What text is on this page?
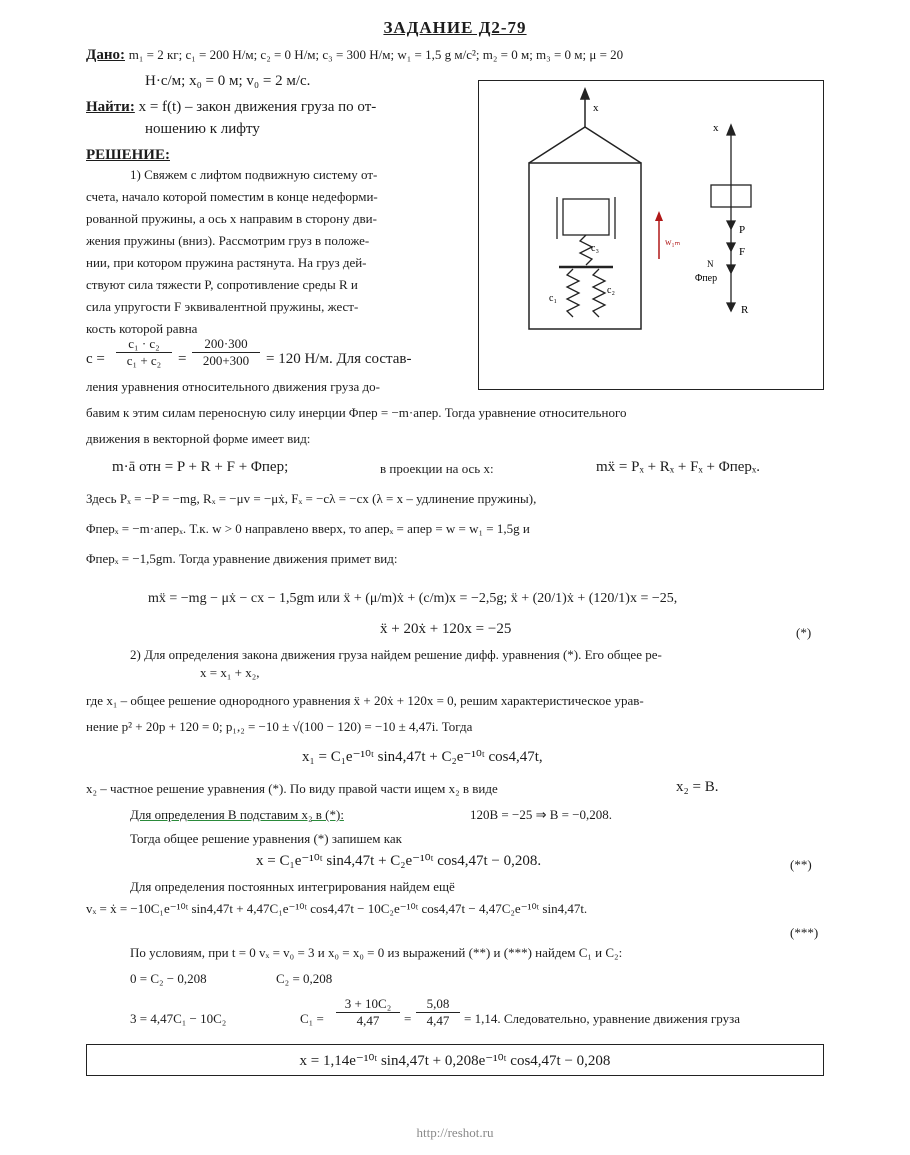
ЗАДАНИЕ Д2-79
Дано: m₁ = 2 кг; c₁ = 200 Н/м; c₂ = 0 Н/м; c₃ = 300 Н/м; w₁ = 1,5 g м/с²; m₂ = 0 м; m₃ = 0 м; μ = 20
Н·с/м; x₀ = 0 м; v₀ = 2 м/с.
Найти: x = f(t) – закон движения груза по от-
ношению к лифту
РЕШЕНИЕ:
1) Свяжем с лифтом подвижную систему от-
счета, начало которой поместим в конце недеформи-
рованной пружины, а ось x направим в сторону дви-
жения пружины (вниз). Рассмотрим груз в положе-
нии, при котором пружина растянута. На груз дей-
ствуют сила тяжести P, сопротивление среды R и
сила упругости F эквивалентной пружины, жест-
кость которой равна
$c = \frac{\text{c₁ · c₂}}{\text{c₁ + c₂}} = \frac{200\cdot 300}{200+300} = 120$ Н/м. Для состав-
ления уравнения относительного движения груза до-
бавим к этим силам переносную силу инерции Φпер = −m·aпер. Тогда уравнение относительного
движения в векторной форме имеет вид:
m·ā отн = P + R + F + Φпер;	в проекции на ось x:	mẍ = Pₓ + Rₓ + Fₓ + Φперₓ.
Здесь Pₓ = −P = −mg, Rₓ = −μv = −μẋ, Fₓ = −cλ = −cx (λ = x – удлинение пружины),
Φперₓ = −m·aперₓ. Т.к. w > 0 направлено вверх, то aперₓ = aпер = w = w₁ = 1,5g и
Φперₓ = −1,5gm. Тогда уравнение движения примет вид:
mẍ = −mg − μẋ − cx − 1,5gm или ẍ + (μ/m)ẋ + (c/m)x = −2,5g; ẍ + (20/1)ẋ + (120/1)x = −25,
ẍ + 20ẋ + 120x = −25	(*)
2) Для определения закона движения груза найдем решение дифф. уравнения (*). Его общее ре-
x = x₁ + x₂,
где x₁ – общее решение однородного уравнения ẍ + 20ẋ + 120x = 0, решим характеристическое урав-
нение p² + 20p + 120 = 0; p₁,₂ = −10 ± √(100 − 120) = −10 ± 4,47i. Тогда
x₁ = C₁e⁻¹⁰ᵗ sin4,47t + C₂e⁻¹⁰ᵗ cos4,47t,
x₂ – частное решение уравнения (*). По виду правой части ищем x₂ в виде	x₂ = B.
Для определения B подставим x₂ в (*):	120B = −25 ⇒ B = −0,208.
Тогда общее решение уравнения (*) запишем как
x = C₁e⁻¹⁰ᵗ sin4,47t + C₂e⁻¹⁰ᵗ cos4,47t − 0,208.	(**)
Для определения постоянных интегрирования найдем ещё
vₓ = ẋ = −10C₁e⁻¹⁰ᵗ sin4,47t + 4,47C₁e⁻¹⁰ᵗ cos4,47t − 10C₂e⁻¹⁰ᵗ cos4,47t − 4,47C₂e⁻¹⁰ᵗ sin4,47t.
(***)
По условиям, при t = 0 vₓ = v₀ = 3 и x₀ = x₀ = 0 из выражений (**) и (***) найдем C₁ и C₂:
0 = C₂ − 0,208	C₂ = 0,208
3 = 4,47C₁ − 10C₂	$C_1 = \frac{\text{3 + 10C₂}}{4,47} = \frac{5,08}{4,47} = 1,14$. Следовательно, уравнение движения груза
x = 1,14e⁻¹⁰ᵗ sin4,47t + 0,208e⁻¹⁰ᵗ cos4,47t − 0,208
http://reshot.ru
x
c₃
c₁
c₂
w₁ₘ
x
P
F
Φпер
R
N
